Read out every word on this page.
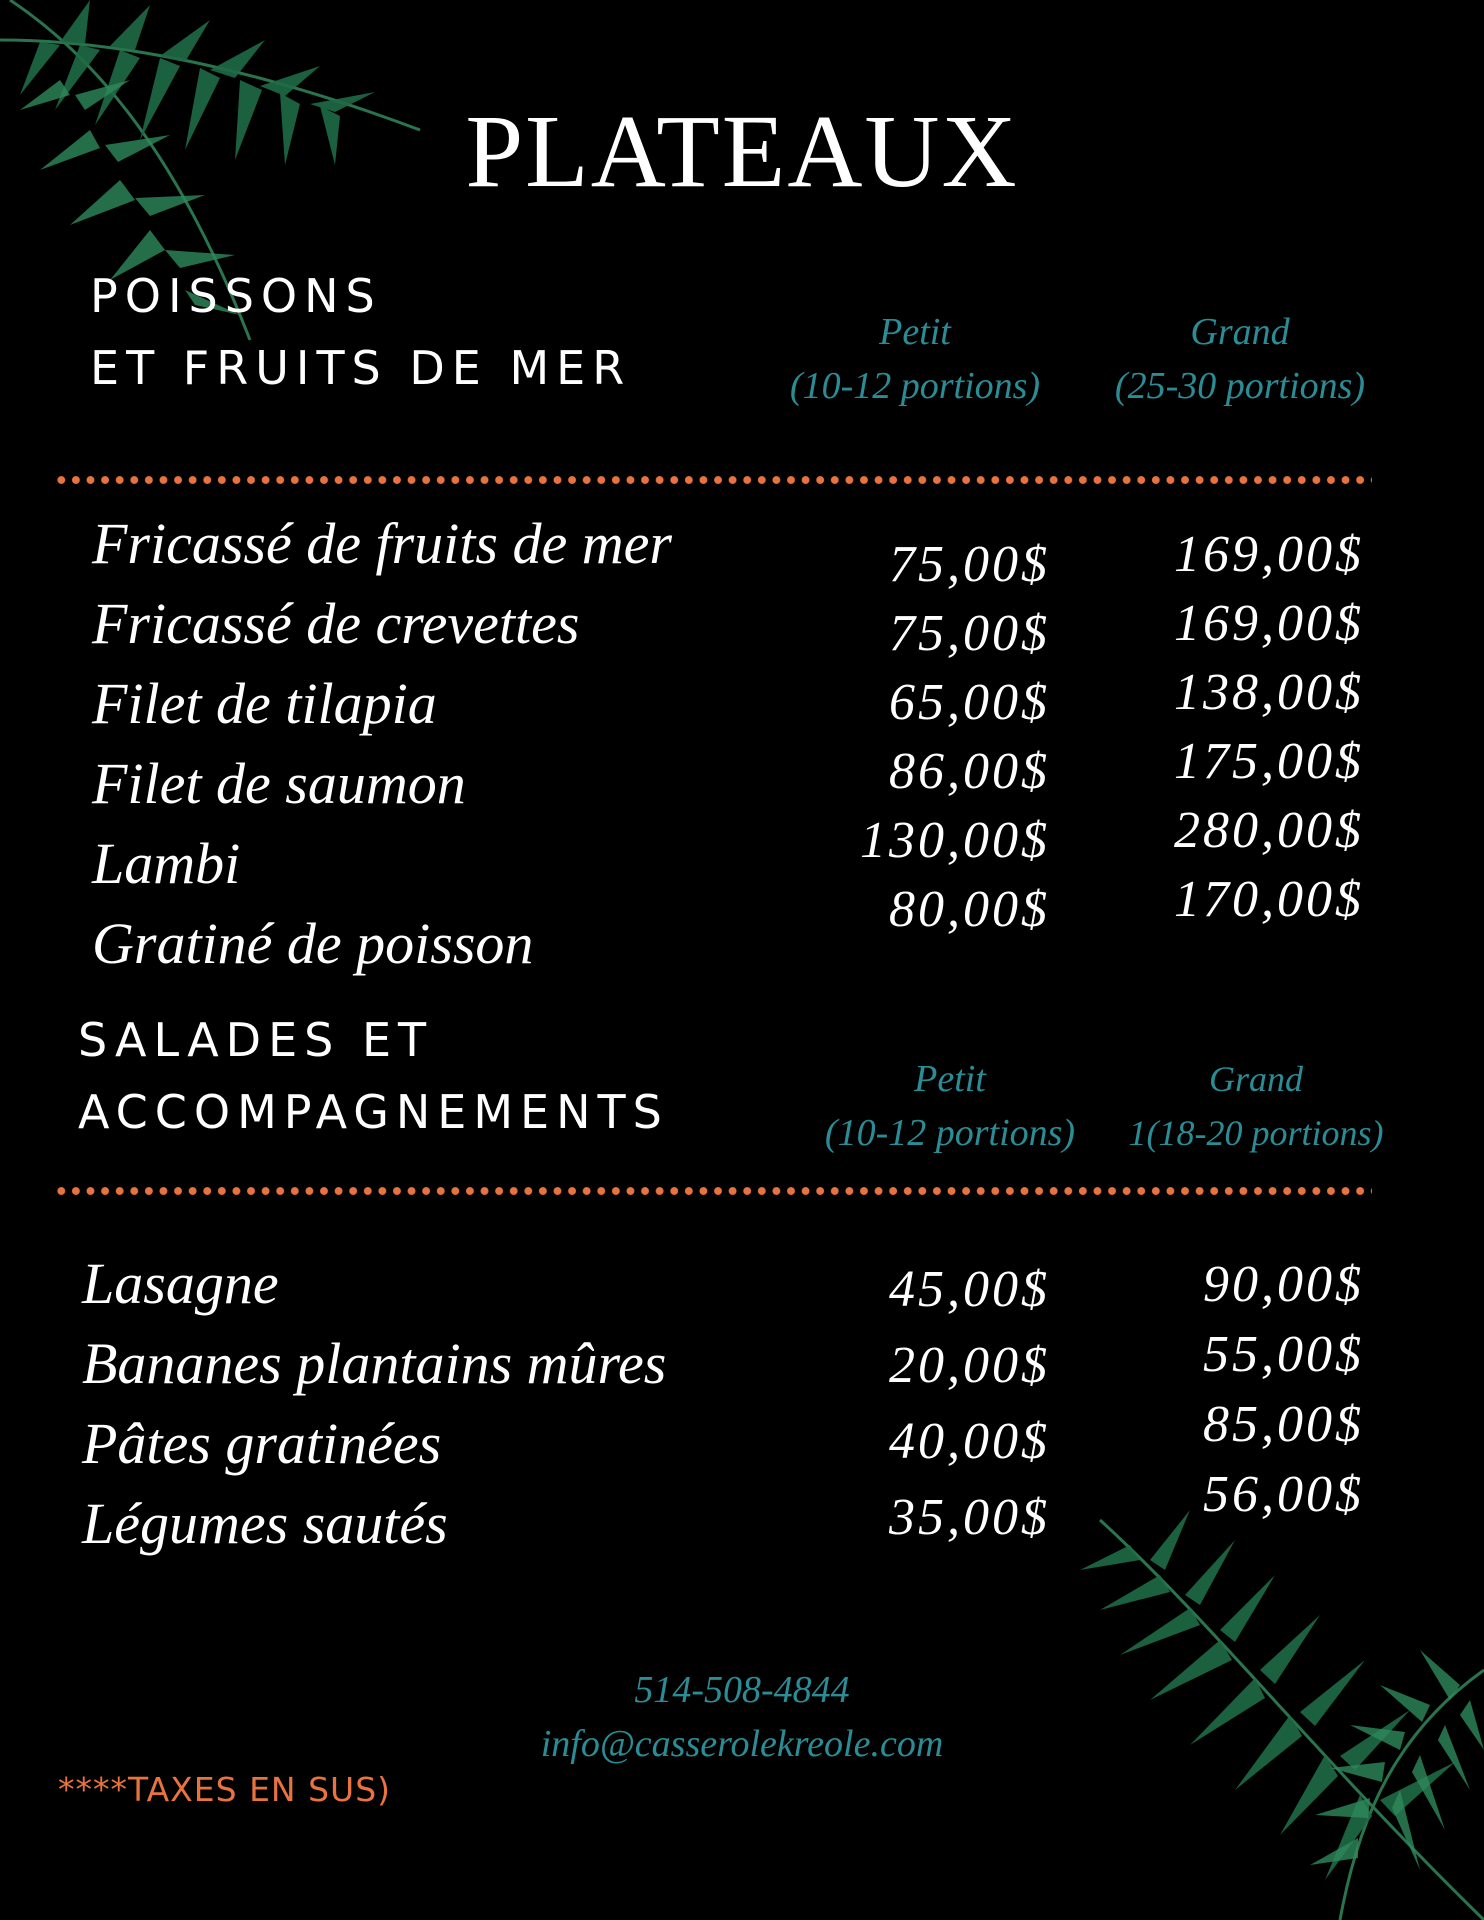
PLATEAUX

POISSONS

ET FRUITS DE MER

Petit
(10-12 portions)
Grand
(25-30 portions)
Fricassé de fruits de mer
Fricassé de crevettes
Filet de tilapia
Filet de saumon
Lambi
Gratiné de poisson
75,00$
75,00$
65,00$
86,00$
130,00$
80,00$
169,00$
169,00$
138,00$
175,00$
280,00$
170,00$

SALADES ET

ACCOMPAGNEMENTS

Petit
(10-12 portions)
Grand
1(18-20 portions)
Lasagne
Bananes plantains mûres
Pâtes gratinées
Légumes sautés
45,00$
20,00$
40,00$
35,00$
90,00$
55,00$
85,00$
56,00$
514-508-4844
info@casserolekreole.com
****TAXES EN SUS)
